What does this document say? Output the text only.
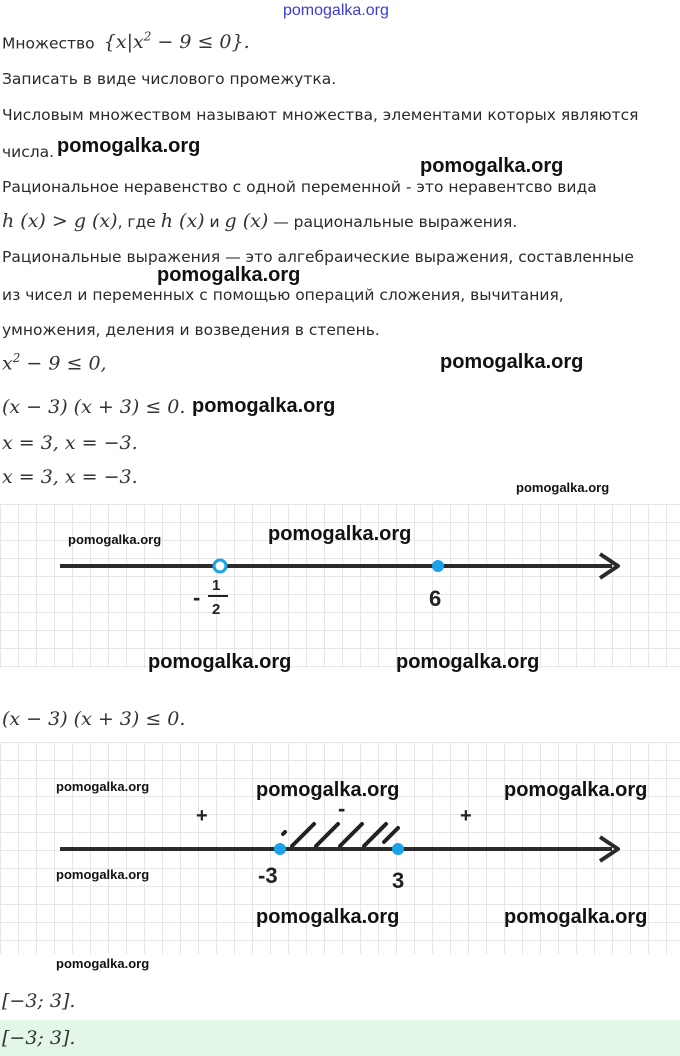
pomogalka.org
Множество $\{x|x^2 - 9 \le 0\}$.
Записать в виде числового промежутка.
Числовым множеством называют множества, элементами которых являются
числа. pomogalka.org
pomogalka.org
Рациональное неравенство с одной переменной - это неравентсво вида
h (x) > g (x), где h (x) и g (x) — рациональные выражения.
Рациональные выражения — это алгебраические выражения, составленные
pomogalka.org
из чисел и переменных с помощью операций сложения, вычитания,
умножения, деления и возведения в степень.
$x^2 - 9 \le 0$,	pomogalka.org
(x − 3) (x + 3) ≤ 0. pomogalka.org
x = 3, x = −3.
x = 3, x = −3.	pomogalka.org
- 1
2	6
pomogalka.org	pomogalka.org
pomogalka.org	pomogalka.org
(x − 3) (x + 3) ≤ 0.
+	-	+
-3	3
pomogalka.org	pomogalka.org	pomogalka.org
pomogalka.org
pomogalka.org	pomogalka.org
pomogalka.org
[−3; 3].
[−3; 3].
